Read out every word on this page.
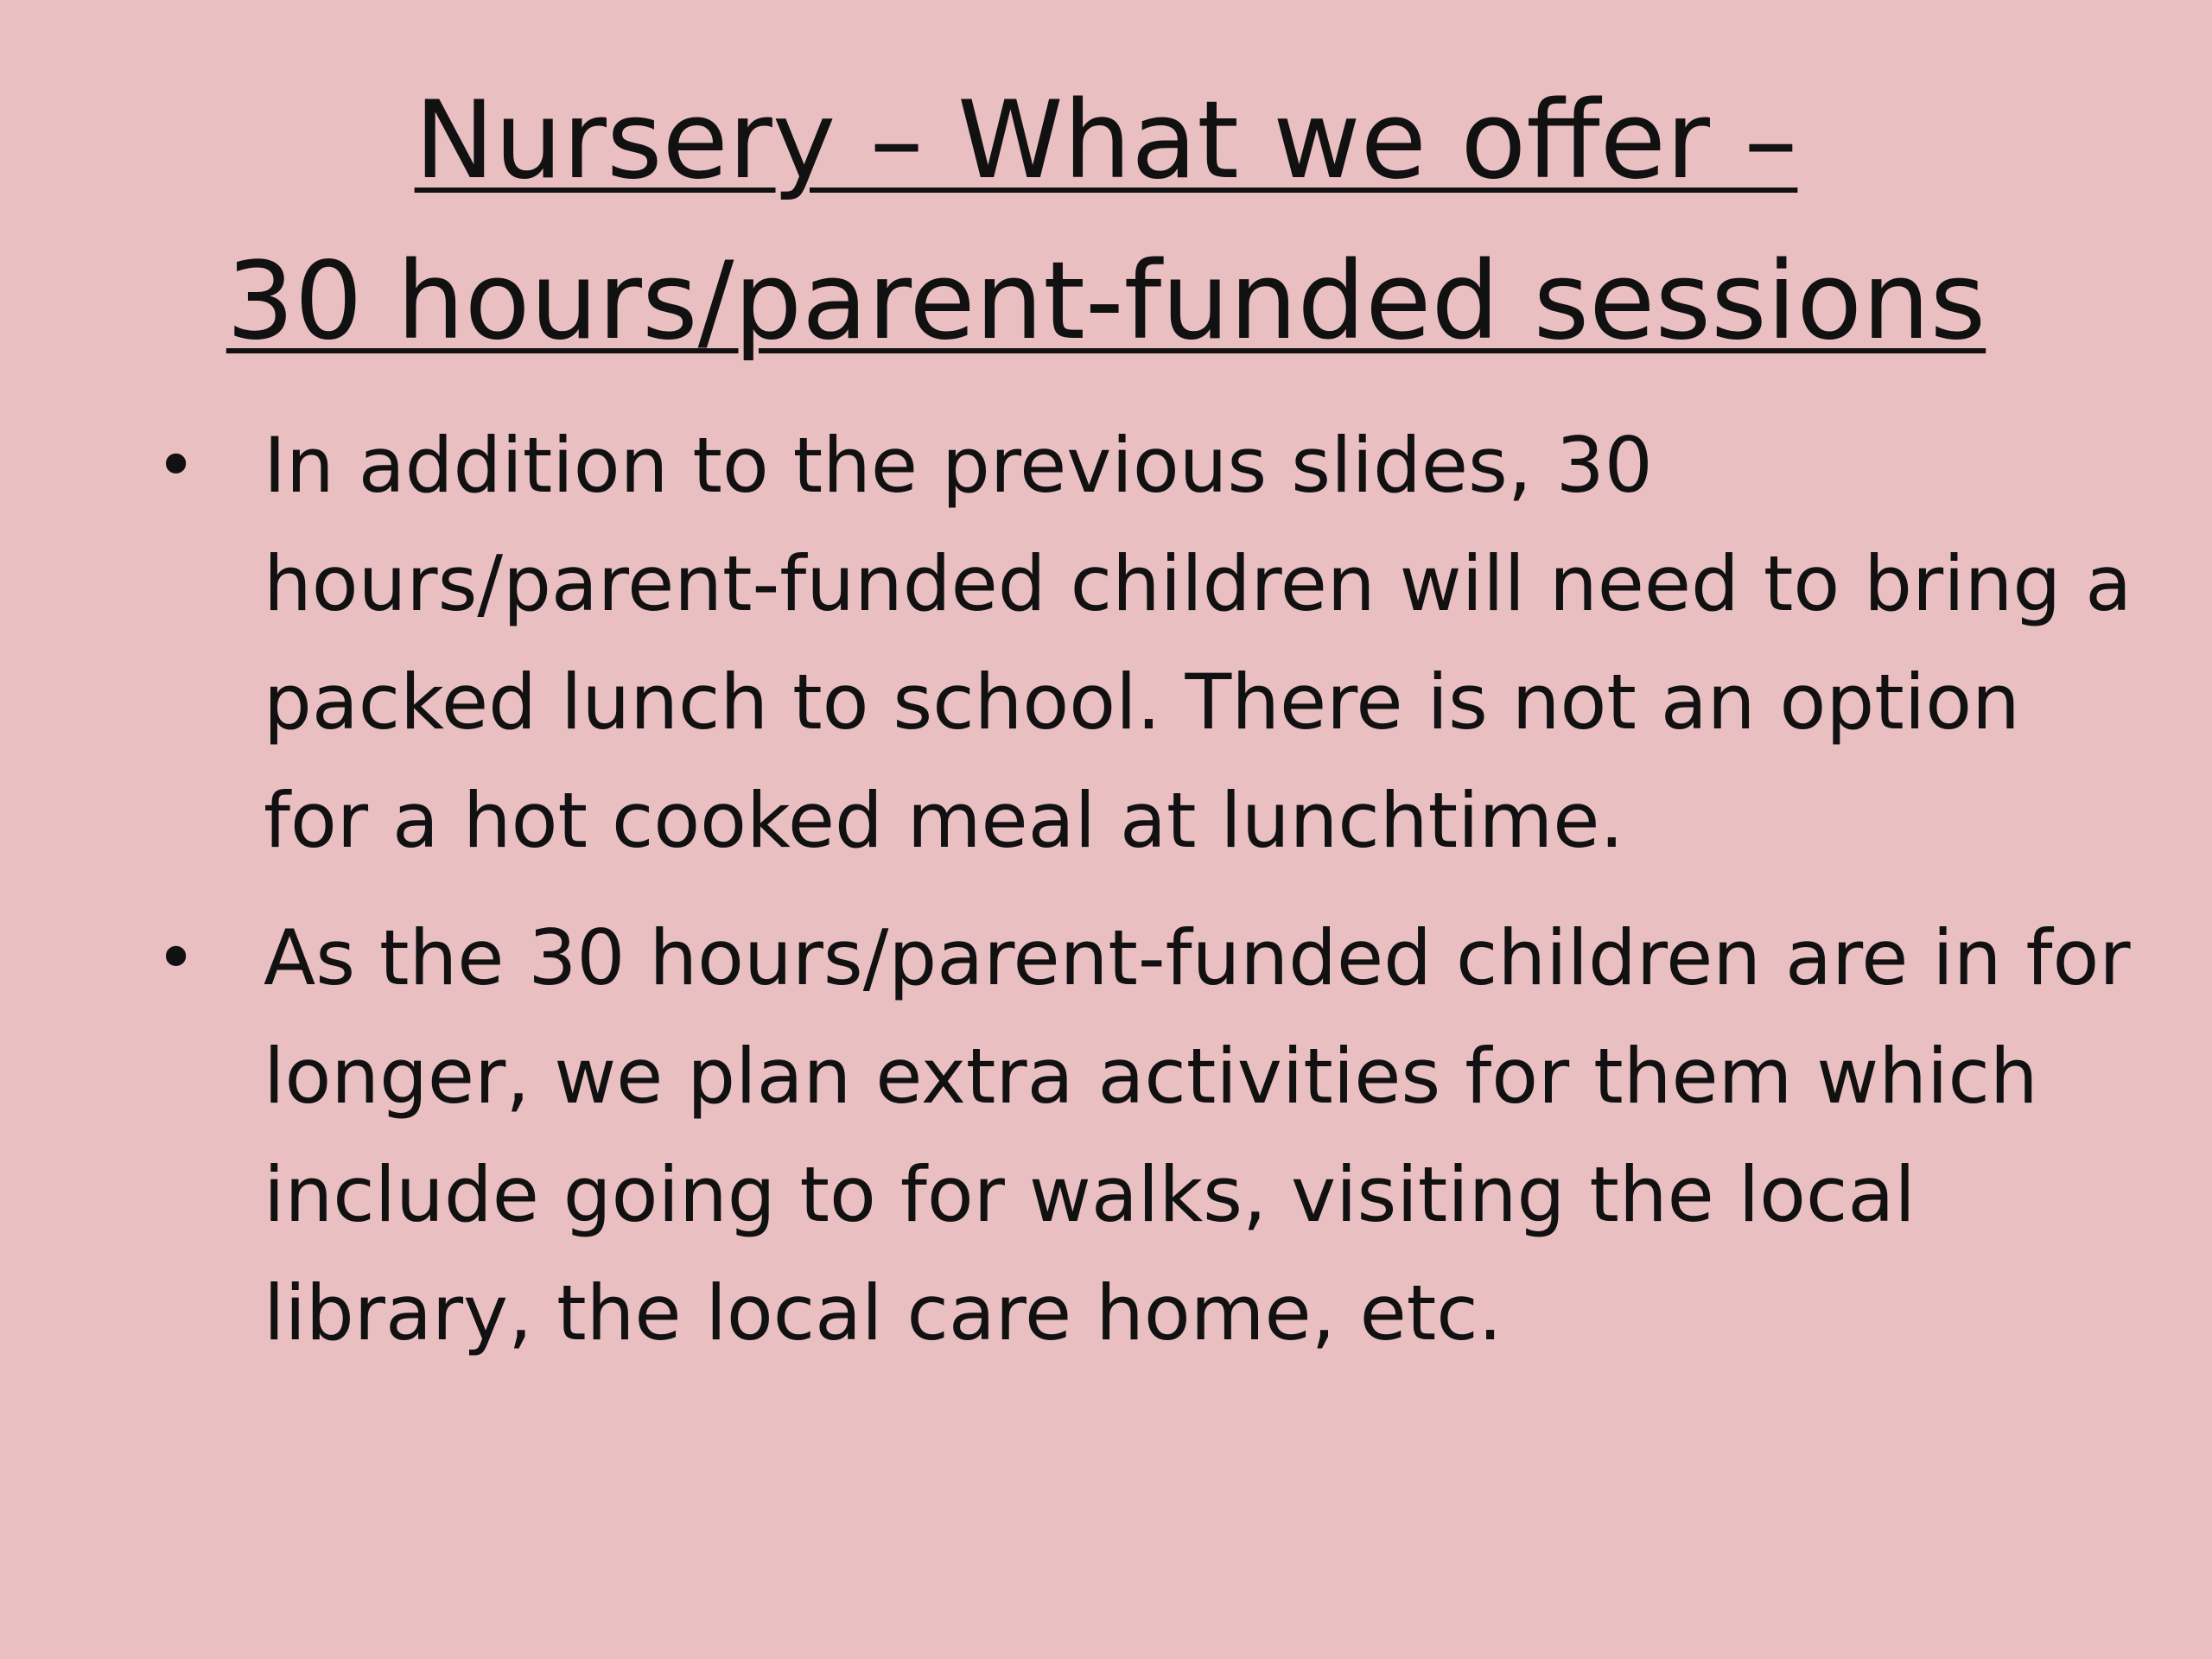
Nursery – What we offer –
30 hours/parent-funded sessions
• In addition to the previous slides, 30 hours/parent-funded children will need to bring a packed lunch to school. There is not an option for a hot cooked meal at lunchtime.
• As the 30 hours/parent-funded children are in for longer, we plan extra activities for them which include going to for walks, visiting the local library, the local care home, etc.
